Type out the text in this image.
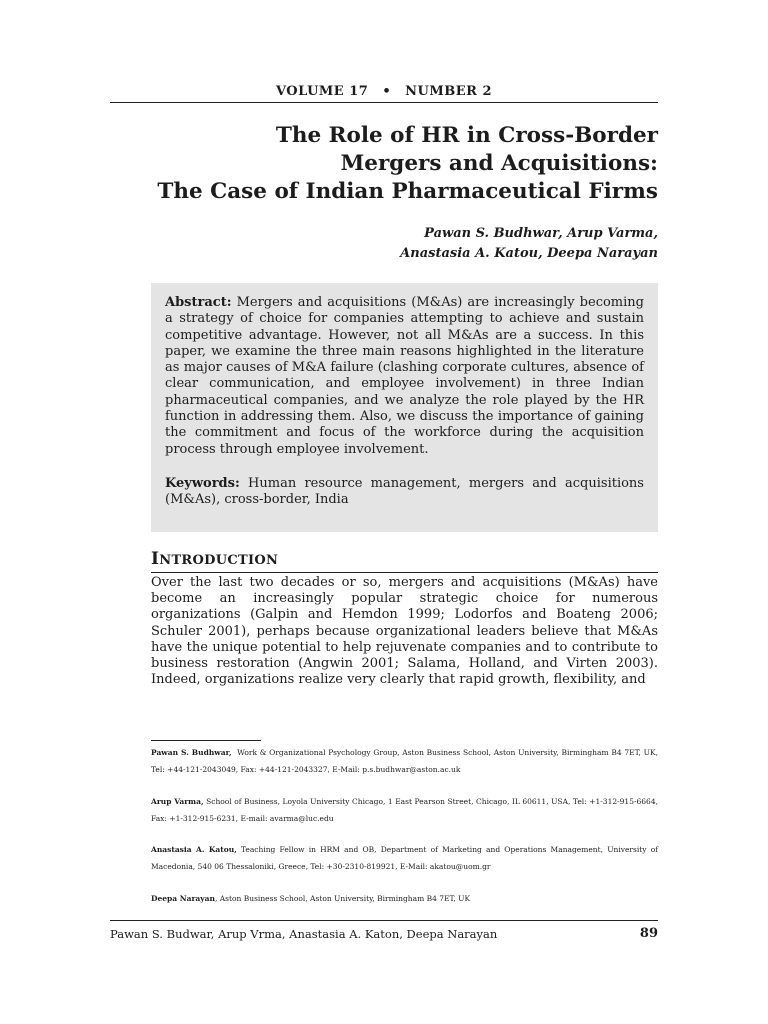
VOLUME 17 • NUMBER 2
The Role of HR in Cross-Border
Mergers and Acquisitions:
The Case of Indian Pharmaceutical Firms
Pawan S. Budhwar, Arup Varma,
Anastasia A. Katou, Deepa Narayan

Abstract: Mergers and acquisitions (M&As) are increasingly becoming a strategy of choice for companies attempting to achieve and sustain competitive advantage. However, not all M&As are a success. In this paper, we examine the three main reasons highlighted in the literature as major causes of M&A failure (clashing corporate cultures, absence of clear communication, and employee involvement) in three Indian pharmaceutical companies, and we analyze the role played by the HR function in addressing them. Also, we discuss the importance of gaining the commitment and focus of the workforce during the acquisition process through employee involvement.

Keywords: Human resource management, mergers and acquisitions (M&As), cross-border, India

INTRODUCTION

Over the last two decades or so, mergers and acquisitions (M&As) have become an increasingly popular strategic choice for numerous organizations (Galpin and Hemdon 1999; Lodorfos and Boateng 2006; Schuler 2001), perhaps because organizational leaders believe that M&As have the unique potential to help rejuvenate companies and to contribute to business restoration (Angwin 2001; Salama, Holland, and Virten 2003). Indeed, organizations realize very clearly that rapid growth, flexibility, and

Pawan S. Budhwar, Work & Organizational Psychology Group, Aston Business School, Aston University, Birmingham B4 7ET, UK, Tel: +44-121-2043049, Fax: +44-121-2043327, E-Mail: p.s.budhwar@aston.ac.uk

Arup Varma, School of Business, Loyola University Chicago, 1 East Pearson Street, Chicago, IL 60611, USA, Tel: +1-312-915-6664, Fax: +1-312-915-6231, E-mail: avarma@luc.edu

Anastasia A. Katou, Teaching Fellow in HRM and OB, Department of Marketing and Operations Management, University of Macedonia, 540 06 Thessaloniki, Greece, Tel: +30-2310-819921, E-Mail: akatou@uom.gr

Deepa Narayan, Aston Business School, Aston University, Birmingham B4 7ET, UK

Pawan S. Budwar, Arup Vrma, Anastasia A. Katon, Deepa Narayan	89
